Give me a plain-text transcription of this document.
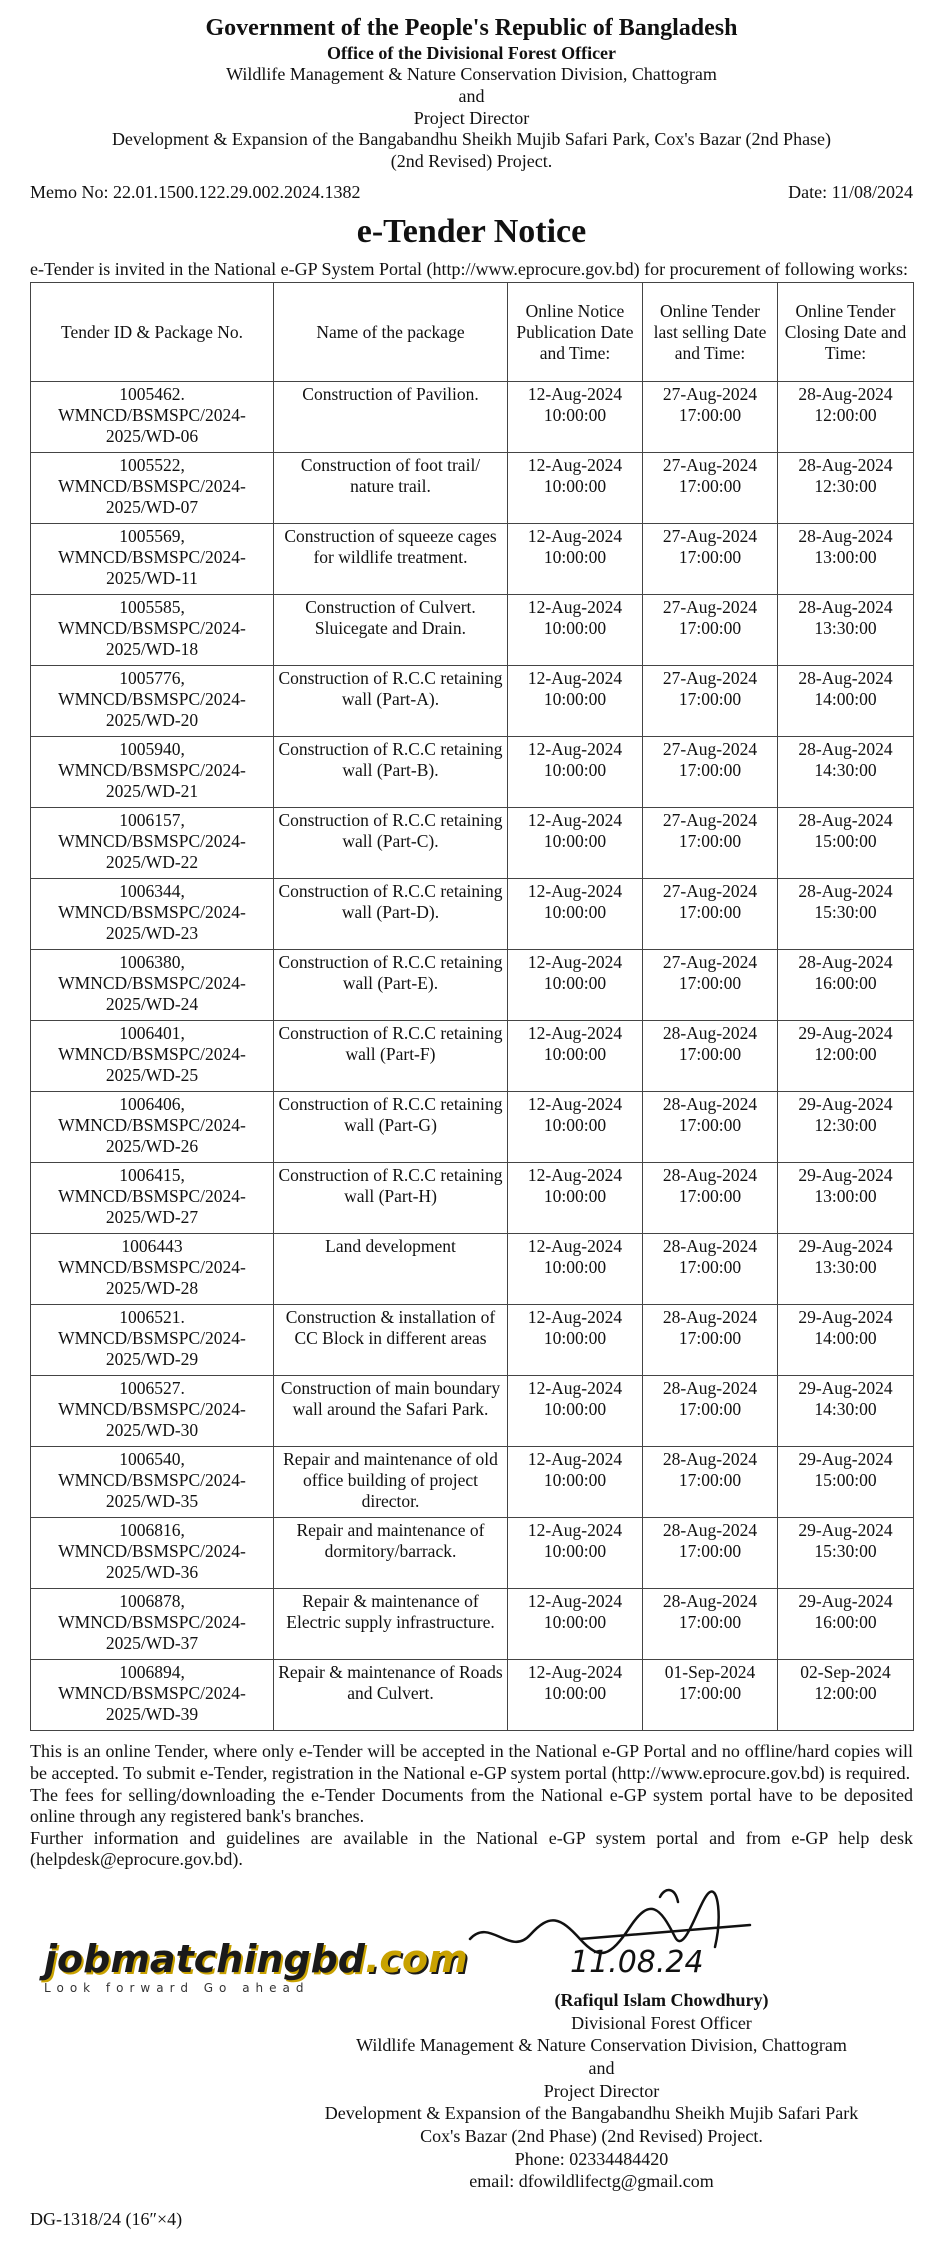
Government of the People's Republic of Bangladesh
Office of the Divisional Forest Officer
Wildlife Management & Nature Conservation Division, Chattogram
and
Project Director
Development & Expansion of the Bangabandhu Sheikh Mujib Safari Park, Cox's Bazar (2nd Phase)
(2nd Revised) Project.
Memo No: 22.01.1500.122.29.002.2024.1382	Date: 11/08/2024
e-Tender Notice
e-Tender is invited in the National e-GP System Portal (http://www.eprocure.gov.bd) for procurement of following works:
Tender ID & Package No.	Name of the package	Online Notice Publication Date and Time:	Online Tender last selling Date and Time:	Online Tender Closing Date and Time:
1005462. WMNCD/BSMSPC/2024-2025/WD-06	Construction of Pavilion.	12-Aug-2024 10:00:00	27-Aug-2024 17:00:00	28-Aug-2024 12:00:00
1005522, WMNCD/BSMSPC/2024-2025/WD-07	Construction of foot trail/ nature trail.	12-Aug-2024 10:00:00	27-Aug-2024 17:00:00	28-Aug-2024 12:30:00
1005569, WMNCD/BSMSPC/2024-2025/WD-11	Construction of squeeze cages for wildlife treatment.	12-Aug-2024 10:00:00	27-Aug-2024 17:00:00	28-Aug-2024 13:00:00
1005585, WMNCD/BSMSPC/2024-2025/WD-18	Construction of Culvert. Sluicegate and Drain.	12-Aug-2024 10:00:00	27-Aug-2024 17:00:00	28-Aug-2024 13:30:00
1005776, WMNCD/BSMSPC/2024-2025/WD-20	Construction of R.C.C retaining wall (Part-A).	12-Aug-2024 10:00:00	27-Aug-2024 17:00:00	28-Aug-2024 14:00:00
1005940, WMNCD/BSMSPC/2024-2025/WD-21	Construction of R.C.C retaining wall (Part-B).	12-Aug-2024 10:00:00	27-Aug-2024 17:00:00	28-Aug-2024 14:30:00
1006157, WMNCD/BSMSPC/2024-2025/WD-22	Construction of R.C.C retaining wall (Part-C).	12-Aug-2024 10:00:00	27-Aug-2024 17:00:00	28-Aug-2024 15:00:00
1006344, WMNCD/BSMSPC/2024-2025/WD-23	Construction of R.C.C retaining wall (Part-D).	12-Aug-2024 10:00:00	27-Aug-2024 17:00:00	28-Aug-2024 15:30:00
1006380, WMNCD/BSMSPC/2024-2025/WD-24	Construction of R.C.C retaining wall (Part-E).	12-Aug-2024 10:00:00	27-Aug-2024 17:00:00	28-Aug-2024 16:00:00
1006401, WMNCD/BSMSPC/2024-2025/WD-25	Construction of R.C.C retaining wall (Part-F)	12-Aug-2024 10:00:00	28-Aug-2024 17:00:00	29-Aug-2024 12:00:00
1006406, WMNCD/BSMSPC/2024-2025/WD-26	Construction of R.C.C retaining wall (Part-G)	12-Aug-2024 10:00:00	28-Aug-2024 17:00:00	29-Aug-2024 12:30:00
1006415, WMNCD/BSMSPC/2024-2025/WD-27	Construction of R.C.C retaining wall (Part-H)	12-Aug-2024 10:00:00	28-Aug-2024 17:00:00	29-Aug-2024 13:00:00
1006443 WMNCD/BSMSPC/2024-2025/WD-28	Land development	12-Aug-2024 10:00:00	28-Aug-2024 17:00:00	29-Aug-2024 13:30:00
1006521. WMNCD/BSMSPC/2024-2025/WD-29	Construction & installation of CC Block in different areas	12-Aug-2024 10:00:00	28-Aug-2024 17:00:00	29-Aug-2024 14:00:00
1006527. WMNCD/BSMSPC/2024-2025/WD-30	Construction of main boundary wall around the Safari Park.	12-Aug-2024 10:00:00	28-Aug-2024 17:00:00	29-Aug-2024 14:30:00
1006540, WMNCD/BSMSPC/2024-2025/WD-35	Repair and maintenance of old office building of project director.	12-Aug-2024 10:00:00	28-Aug-2024 17:00:00	29-Aug-2024 15:00:00
1006816, WMNCD/BSMSPC/2024-2025/WD-36	Repair and maintenance of dormitory/barrack.	12-Aug-2024 10:00:00	28-Aug-2024 17:00:00	29-Aug-2024 15:30:00
1006878, WMNCD/BSMSPC/2024-2025/WD-37	Repair & maintenance of Electric supply infrastructure.	12-Aug-2024 10:00:00	28-Aug-2024 17:00:00	29-Aug-2024 16:00:00
1006894, WMNCD/BSMSPC/2024-2025/WD-39	Repair & maintenance of Roads and Culvert.	12-Aug-2024 10:00:00	01-Sep-2024 17:00:00	02-Sep-2024 12:00:00
This is an online Tender, where only e-Tender will be accepted in the National e-GP Portal and no offline/hard copies will be accepted. To submit e-Tender, registration in the National e-GP system portal (http://www.eprocure.gov.bd) is required.
The fees for selling/downloading the e-Tender Documents from the National e-GP system portal have to be deposited online through any registered bank's branches.
Further information and guidelines are available in the National e-GP system portal and from e-GP help desk (helpdesk@eprocure.gov.bd).
jobmatchingbd.com
Look forward Go ahead
11.08.24
(Rafiqul Islam Chowdhury)
Divisional Forest Officer
Wildlife Management & Nature Conservation Division, Chattogram
and
Project Director
Development & Expansion of the Bangabandhu Sheikh Mujib Safari Park
Cox's Bazar (2nd Phase) (2nd Revised) Project.
Phone: 02334484420
email: dfowildlifectg@gmail.com
DG-1318/24 (16″×4)
